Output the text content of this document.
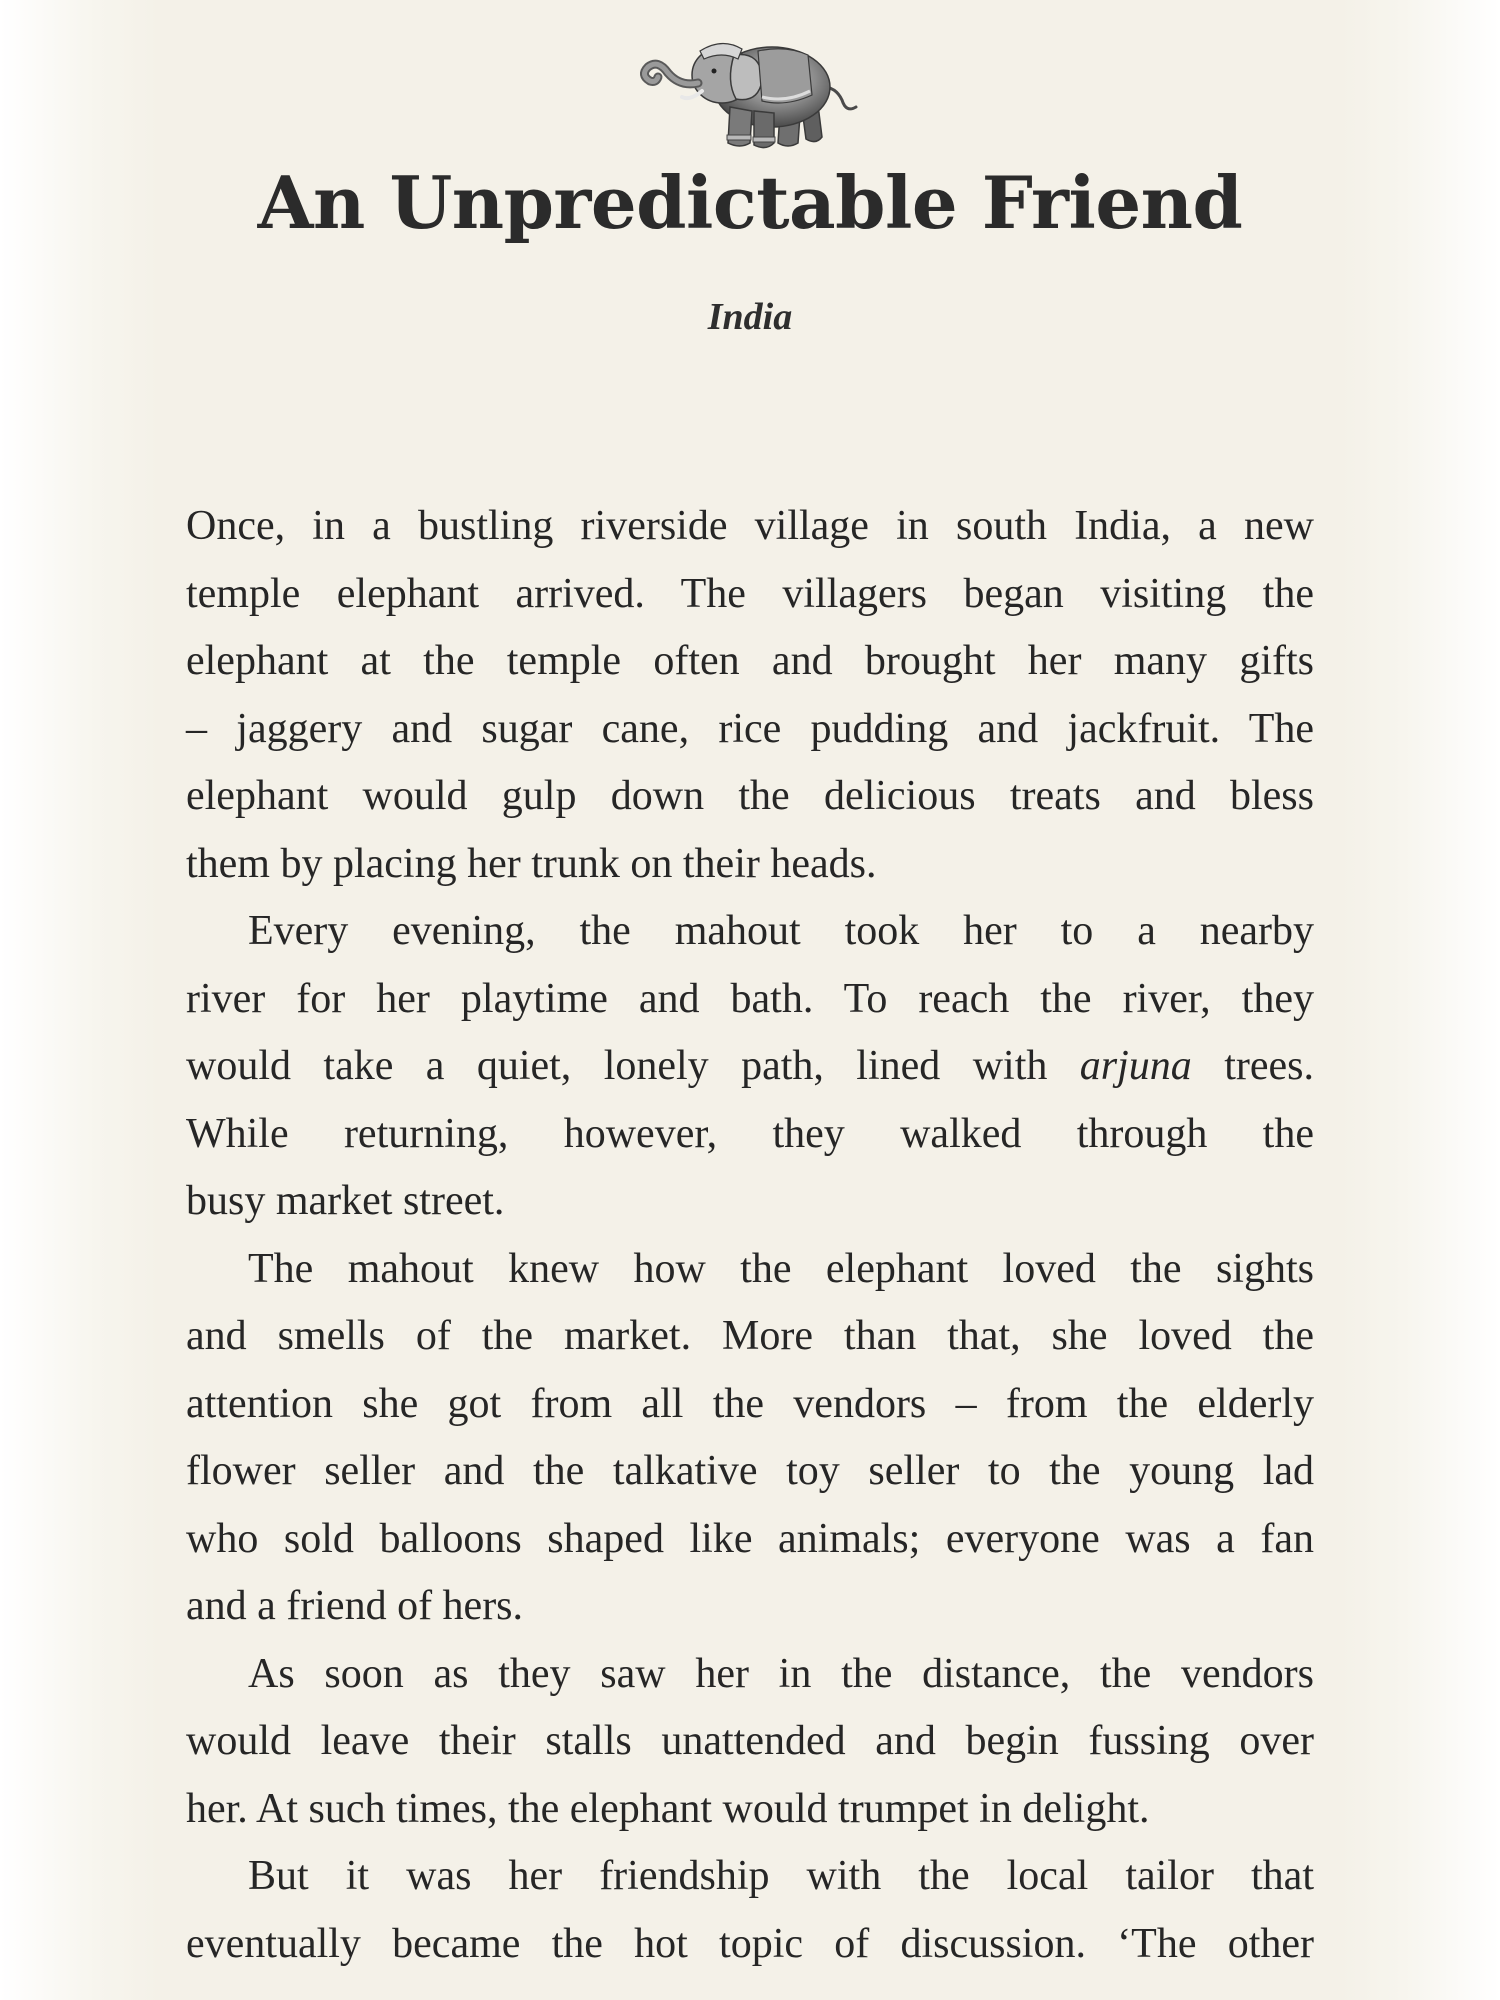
An Unpredictable Friend
India
Once, in a bustling riverside village in south India, a new
temple elephant arrived. The villagers began visiting the
elephant at the temple often and brought her many gifts
– jaggery and sugar cane, rice pudding and jackfruit. The
elephant would gulp down the delicious treats and bless
them by placing her trunk on their heads.
Every evening, the mahout took her to a nearby
river for her playtime and bath. To reach the river, they
would take a quiet, lonely path, lined with arjuna trees.
While returning, however, they walked through the
busy market street.
The mahout knew how the elephant loved the sights
and smells of the market. More than that, she loved the
attention she got from all the vendors – from the elderly
flower seller and the talkative toy seller to the young lad
who sold balloons shaped like animals; everyone was a fan
and a friend of hers.
As soon as they saw her in the distance, the vendors
would leave their stalls unattended and begin fussing over
her. At such times, the elephant would trumpet in delight.
But it was her friendship with the local tailor that
eventually became the hot topic of discussion. ‘The other
